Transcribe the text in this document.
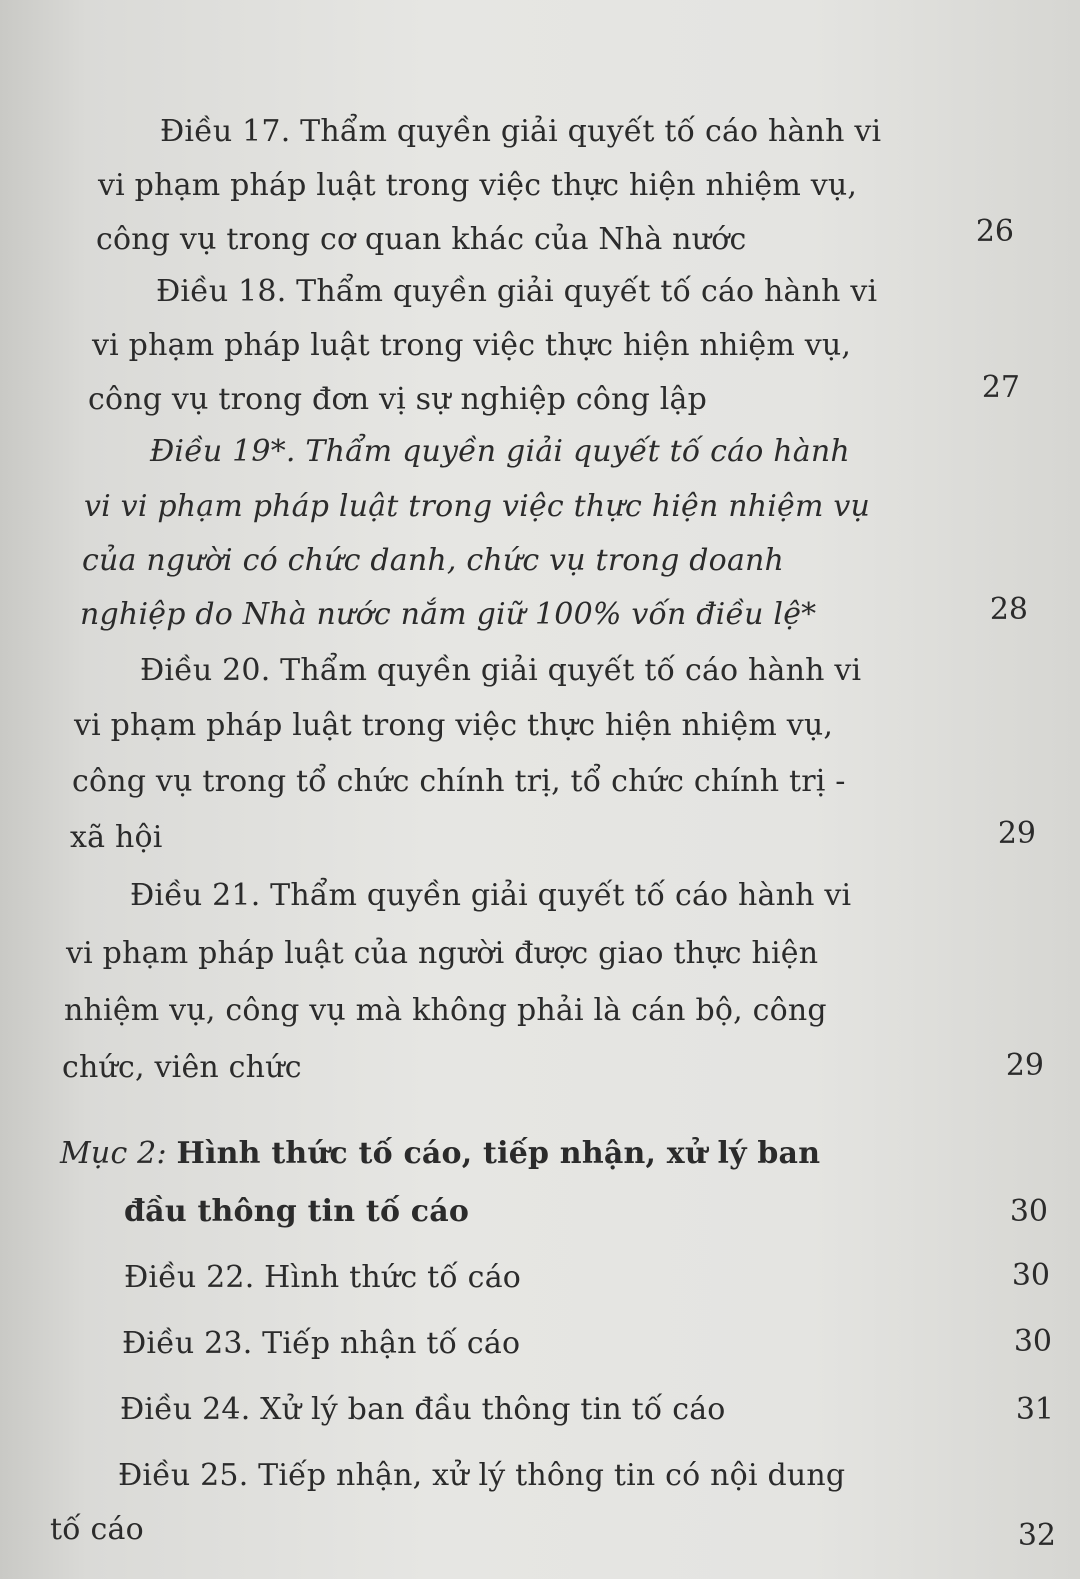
Điều 17. Thẩm quyền giải quyết tố cáo hành vi
vi phạm pháp luật trong việc thực hiện nhiệm vụ,
công vụ trong cơ quan khác của Nhà nước	26
Điều 18. Thẩm quyền giải quyết tố cáo hành vi
vi phạm pháp luật trong việc thực hiện nhiệm vụ,
công vụ trong đơn vị sự nghiệp công lập	27
Điều 19*. Thẩm quyền giải quyết tố cáo hành
vi vi phạm pháp luật trong việc thực hiện nhiệm vụ
của người có chức danh, chức vụ trong doanh
nghiệp do Nhà nước nắm giữ 100% vốn điều lệ*	28
Điều 20. Thẩm quyền giải quyết tố cáo hành vi
vi phạm pháp luật trong việc thực hiện nhiệm vụ,
công vụ trong tổ chức chính trị, tổ chức chính trị -
xã hội	29
Điều 21. Thẩm quyền giải quyết tố cáo hành vi
vi phạm pháp luật của người được giao thực hiện
nhiệm vụ, công vụ mà không phải là cán bộ, công
chức, viên chức	29
Mục 2: Hình thức tố cáo, tiếp nhận, xử lý ban
đầu thông tin tố cáo	30
Điều 22. Hình thức tố cáo	30
Điều 23. Tiếp nhận tố cáo	30
Điều 24. Xử lý ban đầu thông tin tố cáo	31
Điều 25. Tiếp nhận, xử lý thông tin có nội dung
tố cáo	32
